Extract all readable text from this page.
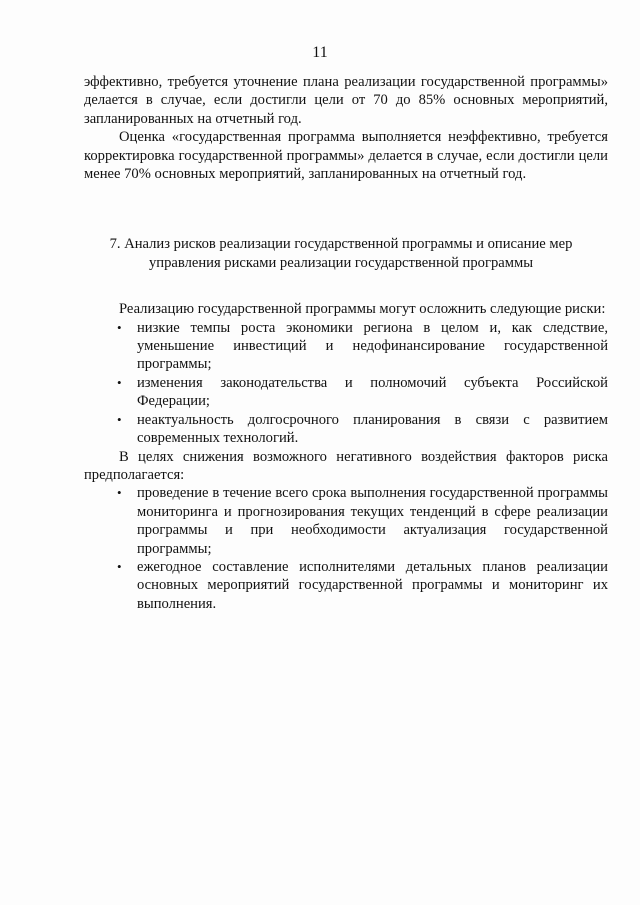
11

эффективно, требуется уточнение плана реализации государственной программы» делается в случае, если достигли цели от 70 до 85% основных мероприятий, запланированных на отчетный год.

Оценка «государственная программа выполняется неэффективно, требуется корректировка государственной программы» делается в случае, если достигли цели менее 70% основных мероприятий, запланированных на отчетный год.

7. Анализ рисков реализации государственной программы и описание мер
управления рисками реализации государственной программы

Реализацию государственной программы могут осложнить следующие риски:

• низкие темпы роста экономики региона в целом и, как следствие, уменьшение инвестиций и недофинансирование государственной программы;
• изменения законодательства и полномочий субъекта Российской Федерации;
• неактуальность долгосрочного планирования в связи с развитием современных технологий.

В целях снижения возможного негативного воздействия факторов риска предполагается:

• проведение в течение всего срока выполнения государственной программы мониторинга и прогнозирования текущих тенденций в сфере реализации программы и при необходимости актуализация государственной программы;
• ежегодное составление исполнителями детальных планов реализации основных мероприятий государственной программы и мониторинг их выполнения.
